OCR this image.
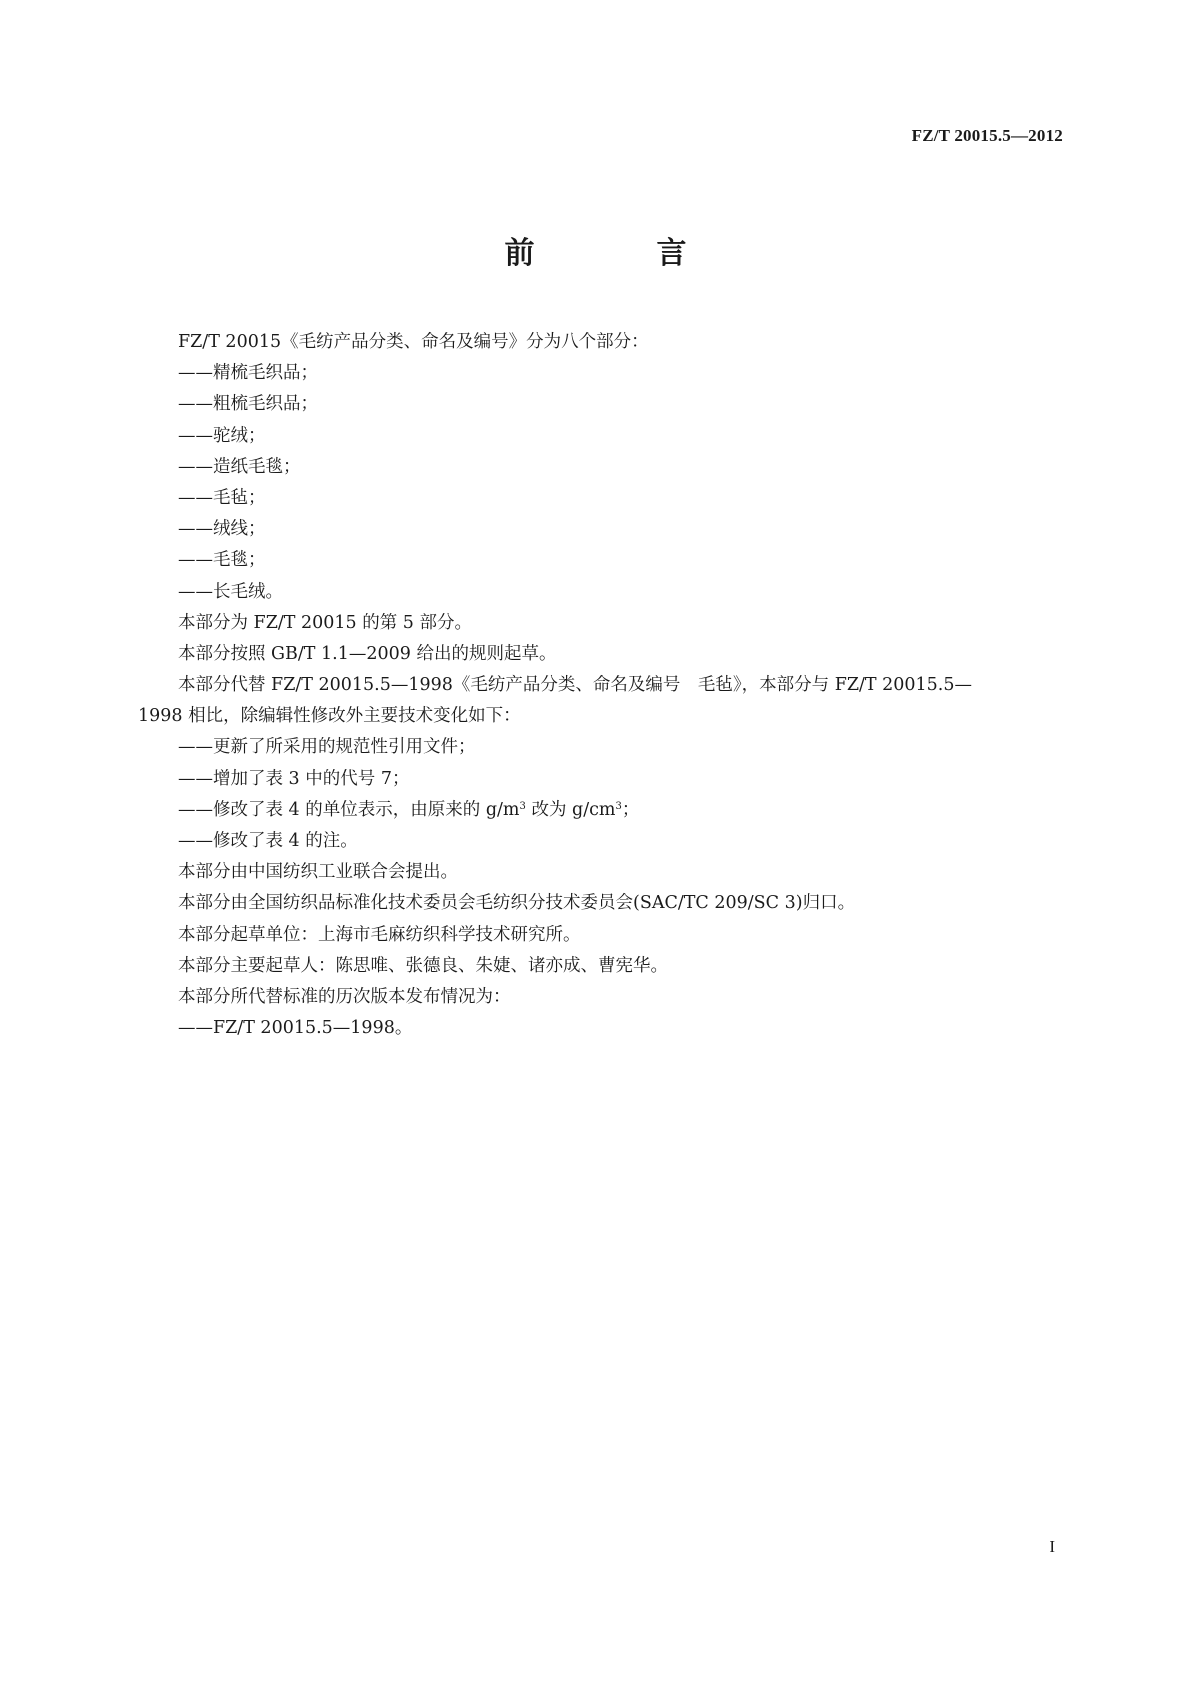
FZ/T 20015.5—2012
前　言
FZ/T 20015《毛纺产品分类、命名及编号》分为八个部分：
——精梳毛织品；
——粗梳毛织品；
——驼绒；
——造纸毛毯；
——毛毡；
——绒线；
——毛毯；
——长毛绒。
本部分为 FZ/T 20015 的第 5 部分。
本部分按照 GB/T 1.1—2009 给出的规则起草。
本部分代替 FZ/T 20015.5—1998《毛纺产品分类、命名及编号　毛毡》，本部分与 FZ/T 20015.5—
1998 相比，除编辑性修改外主要技术变化如下：
——更新了所采用的规范性引用文件；
——增加了表 3 中的代号 7；
——修改了表 4 的单位表示，由原来的 $g/m^3$ 改为 $g/cm^3$；
——修改了表 4 的注。
本部分由中国纺织工业联合会提出。
本部分由全国纺织品标准化技术委员会毛纺织分技术委员会(SAC/TC 209/SC 3)归口。
本部分起草单位：上海市毛麻纺织科学技术研究所。
本部分主要起草人：陈思唯、张德良、朱婕、诸亦成、曹宪华。
本部分所代替标准的历次版本发布情况为：
——FZ/T 20015.5—1998。
I
